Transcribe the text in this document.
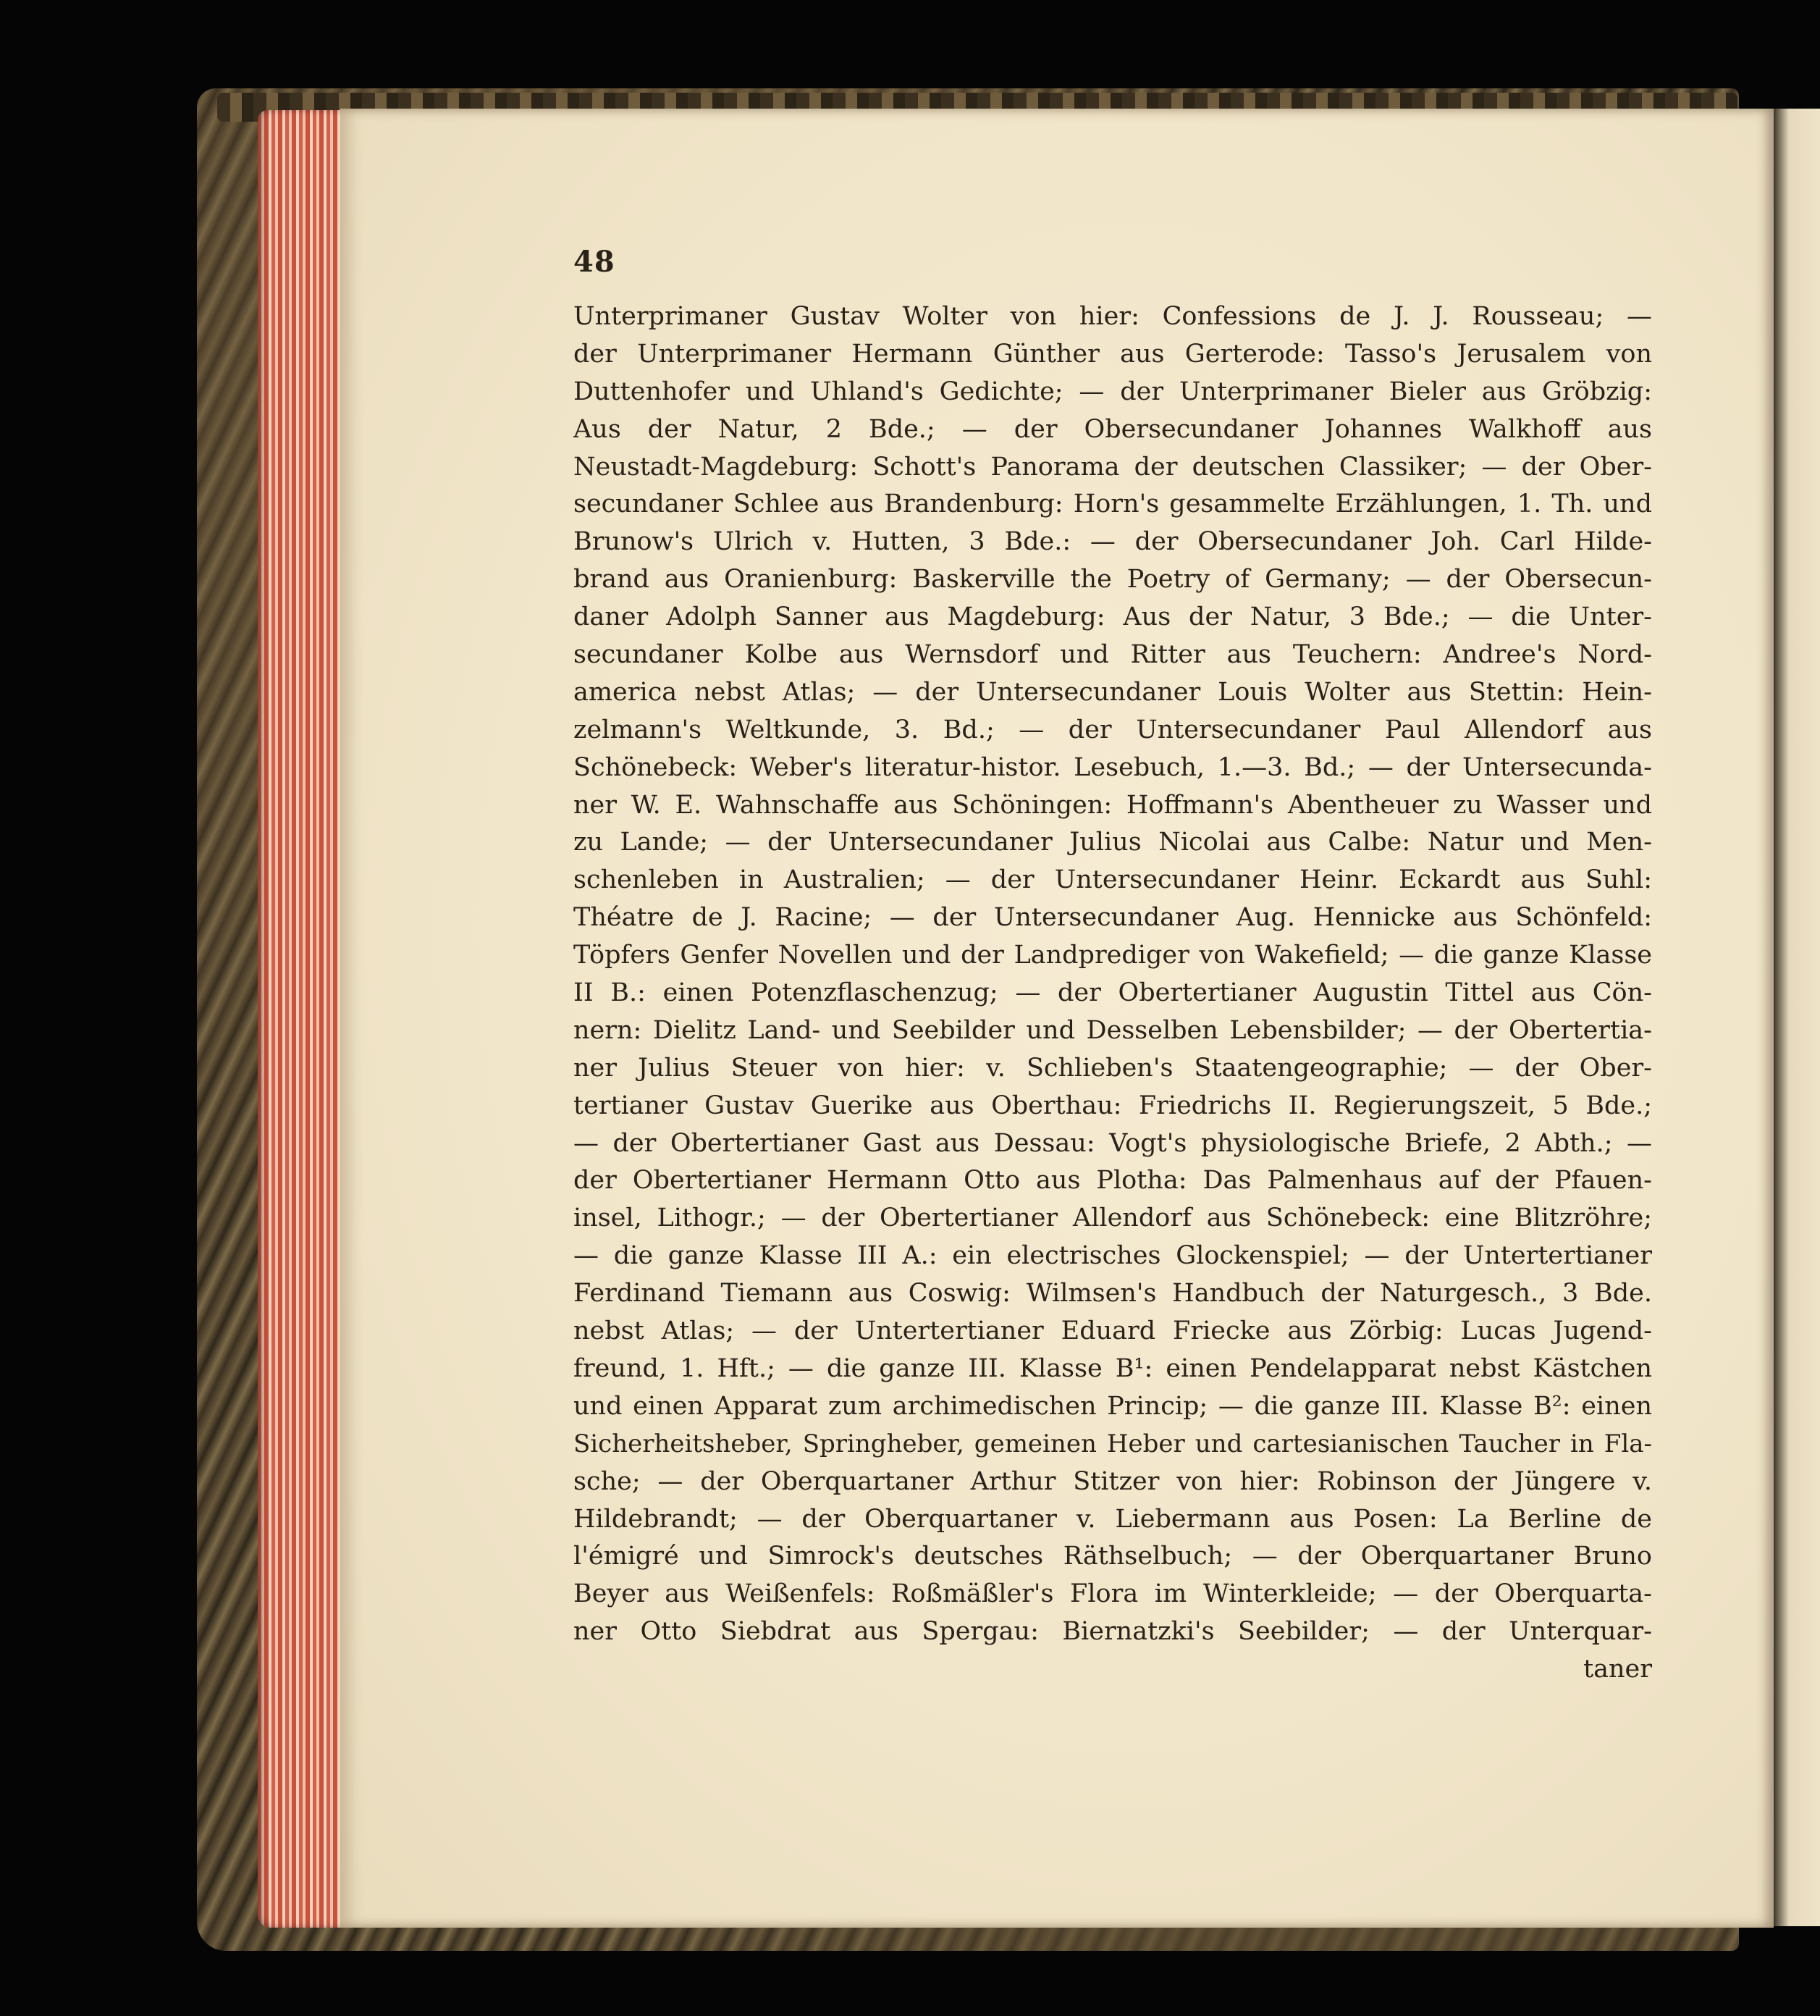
48
Unterprimaner Gustav Wolter von hier: Confessions de J. J. Rousseau; —
der Unterprimaner Hermann Günther aus Gerterode: Tasso's Jerusalem von
Duttenhofer und Uhland's Gedichte; — der Unterprimaner Bieler aus Gröbzig:
Aus der Natur, 2 Bde.; — der Obersecundaner Johannes Walkhoff aus
Neustadt-Magdeburg: Schott's Panorama der deutschen Classiker; — der Ober-
secundaner Schlee aus Brandenburg: Horn's gesammelte Erzählungen, 1. Th. und
Brunow's Ulrich v. Hutten, 3 Bde.: — der Obersecundaner Joh. Carl Hilde-
brand aus Oranienburg: Baskerville the Poetry of Germany; — der Obersecun-
daner Adolph Sanner aus Magdeburg: Aus der Natur, 3 Bde.; — die Unter-
secundaner Kolbe aus Wernsdorf und Ritter aus Teuchern: Andree's Nord-
america nebst Atlas; — der Untersecundaner Louis Wolter aus Stettin: Hein-
zelmann's Weltkunde, 3. Bd.; — der Untersecundaner Paul Allendorf aus
Schönebeck: Weber's literatur-histor. Lesebuch, 1.—3. Bd.; — der Untersecunda-
ner W. E. Wahnschaffe aus Schöningen: Hoffmann's Abentheuer zu Wasser und
zu Lande; — der Untersecundaner Julius Nicolai aus Calbe: Natur und Men-
schenleben in Australien; — der Untersecundaner Heinr. Eckardt aus Suhl:
Théatre de J. Racine; — der Untersecundaner Aug. Hennicke aus Schönfeld:
Töpfers Genfer Novellen und der Landprediger von Wakefield; — die ganze Klasse
II B.: einen Potenzflaschenzug; — der Obertertianer Augustin Tittel aus Cön-
nern: Dielitz Land- und Seebilder und Desselben Lebensbilder; — der Obertertia-
ner Julius Steuer von hier: v. Schlieben's Staatengeographie; — der Ober-
tertianer Gustav Guerike aus Oberthau: Friedrichs II. Regierungszeit, 5 Bde.;
— der Obertertianer Gast aus Dessau: Vogt's physiologische Briefe, 2 Abth.; —
der Obertertianer Hermann Otto aus Plotha: Das Palmenhaus auf der Pfauen-
insel, Lithogr.; — der Obertertianer Allendorf aus Schönebeck: eine Blitzröhre;
— die ganze Klasse III A.: ein electrisches Glockenspiel; — der Untertertianer
Ferdinand Tiemann aus Coswig: Wilmsen's Handbuch der Naturgesch., 3 Bde.
nebst Atlas; — der Untertertianer Eduard Friecke aus Zörbig: Lucas Jugend-
freund, 1. Hft.; — die ganze III. Klasse B¹: einen Pendelapparat nebst Kästchen
und einen Apparat zum archimedischen Princip; — die ganze III. Klasse B²: einen
Sicherheitsheber, Springheber, gemeinen Heber und cartesianischen Taucher in Fla-
sche; — der Oberquartaner Arthur Stitzer von hier: Robinson der Jüngere v.
Hildebrandt; — der Oberquartaner v. Liebermann aus Posen: La Berline de
l'émigré und Simrock's deutsches Räthselbuch; — der Oberquartaner Bruno
Beyer aus Weißenfels: Roßmäßler's Flora im Winterkleide; — der Oberquarta-
ner Otto Siebdrat aus Spergau: Biernatzki's Seebilder; — der Unterquar-
taner
